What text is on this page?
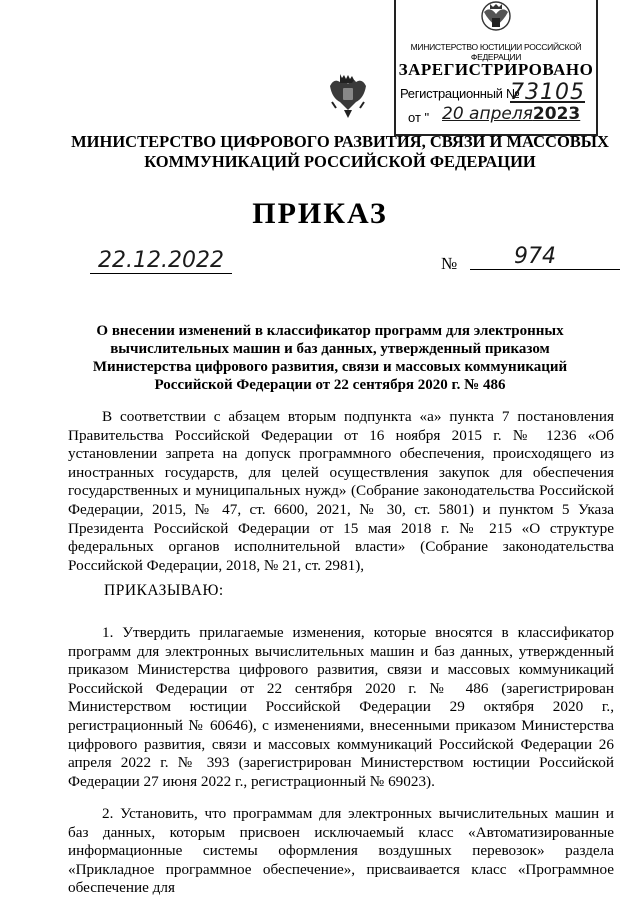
МИНИСТЕРСТВО ЮСТИЦИИ РОССИЙСКОЙ ФЕДЕРАЦИИ
ЗАРЕГИСТРИРОВАНО
Регистрационный №
73105
от " 20 апреля2023
МИНИСТЕРСТВО ЦИФРОВОГО РАЗВИТИЯ, СВЯЗИ И МАССОВЫХ
КОММУНИКАЦИЙ РОССИЙСКОЙ ФЕДЕРАЦИИ
ПРИКАЗ
22.12.2022	№	974
О внесении изменений в классификатор программ для электронных вычислительных машин и баз данных, утвержденный приказом Министерства цифрового развития, связи и массовых коммуникаций Российской Федерации от 22 сентября 2020 г. № 486

В соответствии с абзацем вторым подпункта «а» пункта 7 постановления Правительства Российской Федерации от 16 ноября 2015 г. № 1236 «Об установлении запрета на допуск программного обеспечения, происходящего из иностранных государств, для целей осуществления закупок для обеспечения государственных и муниципальных нужд» (Собрание законодательства Российской Федерации, 2015, № 47, ст. 6600, 2021, № 30, ст. 5801) и пунктом 5 Указа Президента Российской Федерации от 15 мая 2018 г. № 215 «О структуре федеральных органов исполнительной власти» (Собрание законодательства Российской Федерации, 2018, № 21, ст. 2981),

ПРИКАЗЫВАЮ:

1. Утвердить прилагаемые изменения, которые вносятся в классификатор программ для электронных вычислительных машин и баз данных, утвержденный приказом Министерства цифрового развития, связи и массовых коммуникаций Российской Федерации от 22 сентября 2020 г. № 486 (зарегистрирован Министерством юстиции Российской Федерации 29 октября 2020 г., регистрационный № 60646), с изменениями, внесенными приказом Министерства цифрового развития, связи и массовых коммуникаций Российской Федерации 26 апреля 2022 г. № 393 (зарегистрирован Министерством юстиции Российской Федерации 27 июня 2022 г., регистрационный № 69023).

2. Установить, что программам для электронных вычислительных машин и баз данных, которым присвоен исключаемый класс «Автоматизированные информационные системы оформления воздушных перевозок» раздела «Прикладное программное обеспечение», присваивается класс «Программное обеспечение для
